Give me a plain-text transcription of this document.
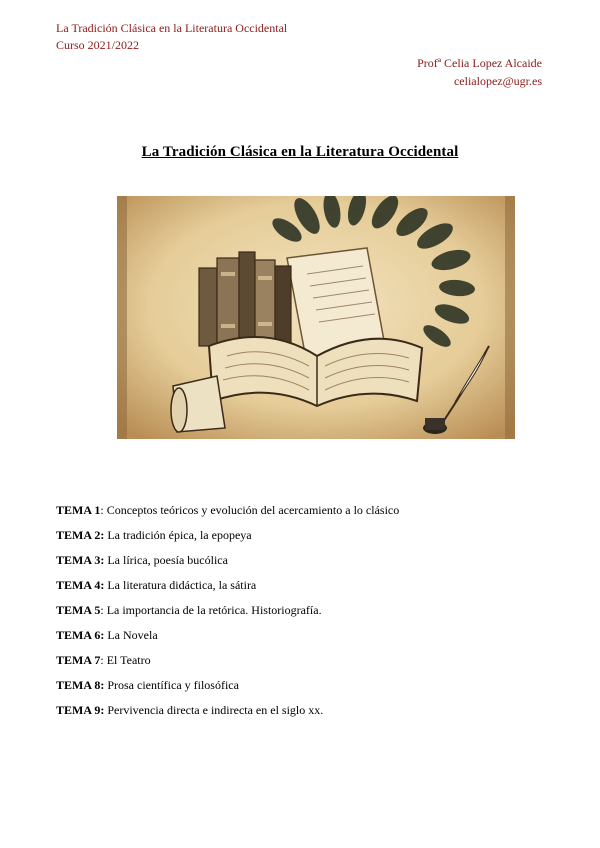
La Tradición Clásica en la Literatura Occidental
Curso 2021/2022
Profª Celia Lopez Alcaide
celialopez@ugr.es
La Tradición Clásica en la Literatura Occidental
TEMA 1: Conceptos teóricos y evolución del acercamiento a lo clásico
TEMA 2: La tradición épica, la epopeya
TEMA 3: La lírica, poesía bucólica
TEMA 4: La literatura didáctica, la sátira
TEMA 5: La importancia de la retórica. Historiografía.
TEMA 6: La Novela
TEMA 7: El Teatro
TEMA 8: Prosa científica y filosófica
TEMA 9: Pervivencia directa e indirecta en el siglo xx.
